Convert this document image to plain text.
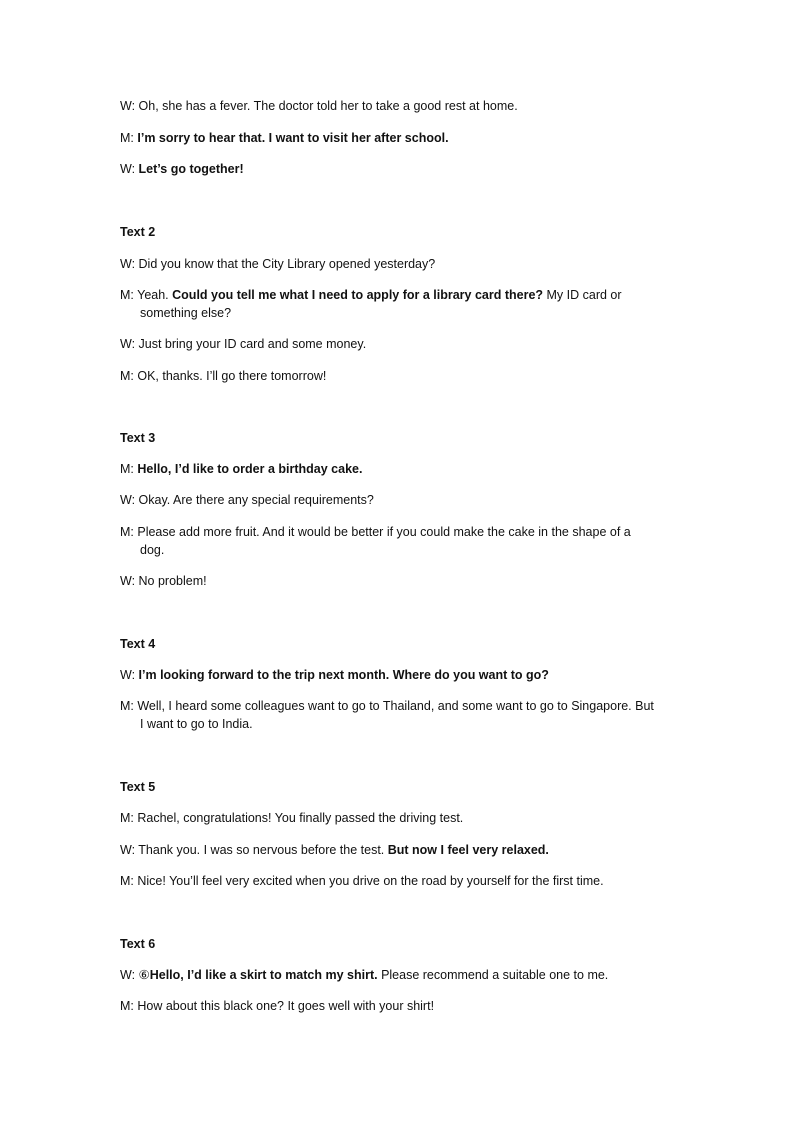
W: Oh, she has a fever. The doctor told her to take a good rest at home.

M: I’m sorry to hear that. I want to visit her after school.

W: Let’s go together!

Text 2

W: Did you know that the City Library opened yesterday?

M: Yeah. Could you tell me what I need to apply for a library card there? My ID card or

something else?

W: Just bring your ID card and some money.

M: OK, thanks. I’ll go there tomorrow!

Text 3

M: Hello, I’d like to order a birthday cake.

W: Okay. Are there any special requirements?

M: Please add more fruit. And it would be better if you could make the cake in the shape of a

dog.

W: No problem!

Text 4

W: I’m looking forward to the trip next month. Where do you want to go?

M: Well, I heard some colleagues want to go to Thailand, and some want to go to Singapore. But

I want to go to India.

Text 5

M: Rachel, congratulations! You finally passed the driving test.

W: Thank you. I was so nervous before the test. But now I feel very relaxed.

M: Nice! You’ll feel very excited when you drive on the road by yourself for the first time.

Text 6

W: ⑥Hello, I’d like a skirt to match my shirt. Please recommend a suitable one to me.

M: How about this black one? It goes well with your shirt!
